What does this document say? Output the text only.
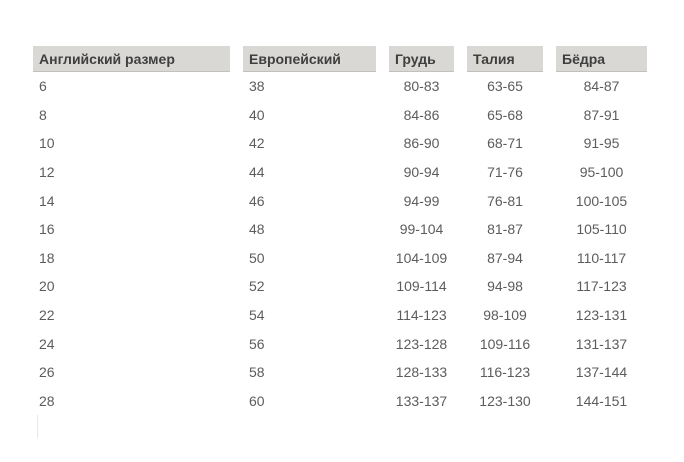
Английский размер	Европейский	Грудь	Талия	Бёдра
6	38	80-83	63-65	84-87
8	40	84-86	65-68	87-91
10	42	86-90	68-71	91-95
12	44	90-94	71-76	95-100
14	46	94-99	76-81	100-105
16	48	99-104	81-87	105-110
18	50	104-109	87-94	110-117
20	52	109-114	94-98	117-123
22	54	114-123	98-109	123-131
24	56	123-128	109-116	131-137
26	58	128-133	116-123	137-144
28	60	133-137	123-130	144-151
